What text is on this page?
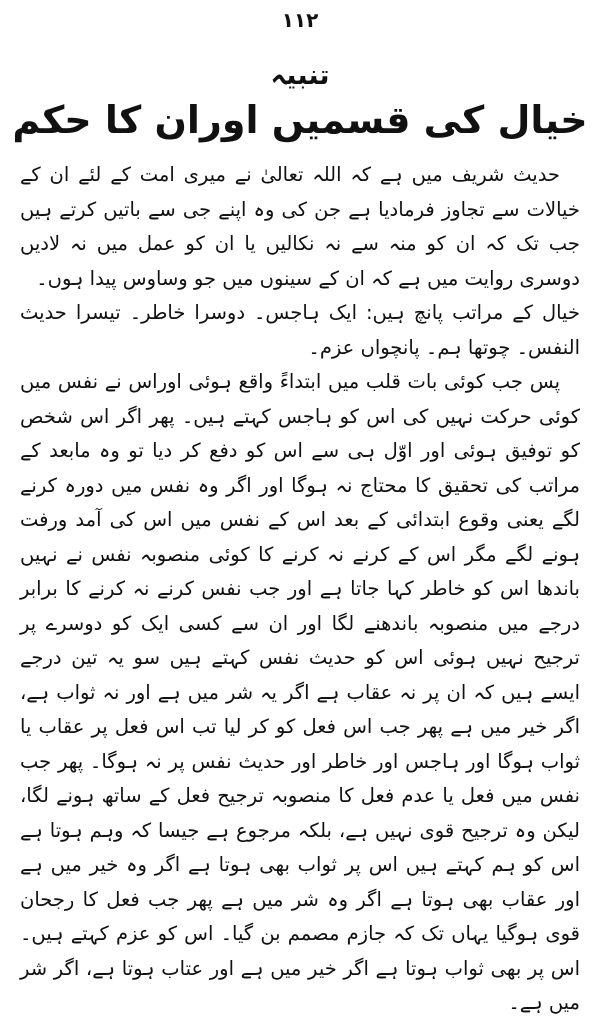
۱۱۲
تنبیہ
خیال کی قسمیں اوران کا حکم

حدیث شریف میں ہے کہ اللہ تعالیٰ نے میری امت کے لئے ان کے خیالات سے تجاوز فرمادیا ہے جن کی وہ اپنے جی سے باتیں کرتے ہیں جب تک کہ ان کو منہ سے نہ نکالیں یا ان کو عمل میں نہ لادیں دوسری روایت میں ہے کہ ان کے سینوں میں جو وساوس پیدا ہوں۔

خیال کے مراتب پانچ ہیں: ایک ہاجس۔ دوسرا خاطر۔ تیسرا حدیث النفس۔ چوتھا ہم۔ پانچواں عزم۔

پس جب کوئی بات قلب میں ابتداءً واقع ہوئی اوراس نے نفس میں کوئی حرکت نہیں کی اس کو ہاجس کہتے ہیں۔ پھر اگر اس شخص کو توفیق ہوئی اور اوّل ہی سے اس کو دفع کر دیا تو وہ مابعد کے مراتب کی تحقیق کا محتاج نہ ہوگا اور اگر وہ نفس میں دورہ کرنے لگے یعنی وقوع ابتدائی کے بعد اس کے نفس میں اس کی آمد ورفت ہونے لگے مگر اس کے کرنے نہ کرنے کا کوئی منصوبہ نفس نے نہیں باندھا اس کو خاطر کہا جاتا ہے اور جب نفس کرنے نہ کرنے کا برابر درجے میں منصوبہ باندھنے لگا اور ان سے کسی ایک کو دوسرے پر ترجیح نہیں ہوئی اس کو حدیث نفس کہتے ہیں سو یہ تین درجے ایسے ہیں کہ ان پر نہ عقاب ہے اگر یہ شر میں ہے اور نہ ثواب ہے، اگر خیر میں ہے پھر جب اس فعل کو کر لیا تب اس فعل پر عقاب یا ثواب ہوگا اور ہاجس اور خاطر اور حدیث نفس پر نہ ہوگا۔ پھر جب نفس میں فعل یا عدم فعل کا منصوبہ ترجیح فعل کے ساتھ ہونے لگا، لیکن وہ ترجیح قوی نہیں ہے، بلکہ مرجوع ہے جیسا کہ وہم ہوتا ہے اس کو ہم کہتے ہیں اس پر ثواب بھی ہوتا ہے اگر وہ خیر میں ہے اور عقاب بھی ہوتا ہے اگر وہ شر میں ہے پھر جب فعل کا رجحان قوی ہوگیا یہاں تک کہ جازم مصمم بن گیا۔ اس کو عزم کہتے ہیں۔ اس پر بھی ثواب ہوتا ہے اگر خیر میں ہے اور عتاب ہوتا ہے، اگر شر میں ہے۔
